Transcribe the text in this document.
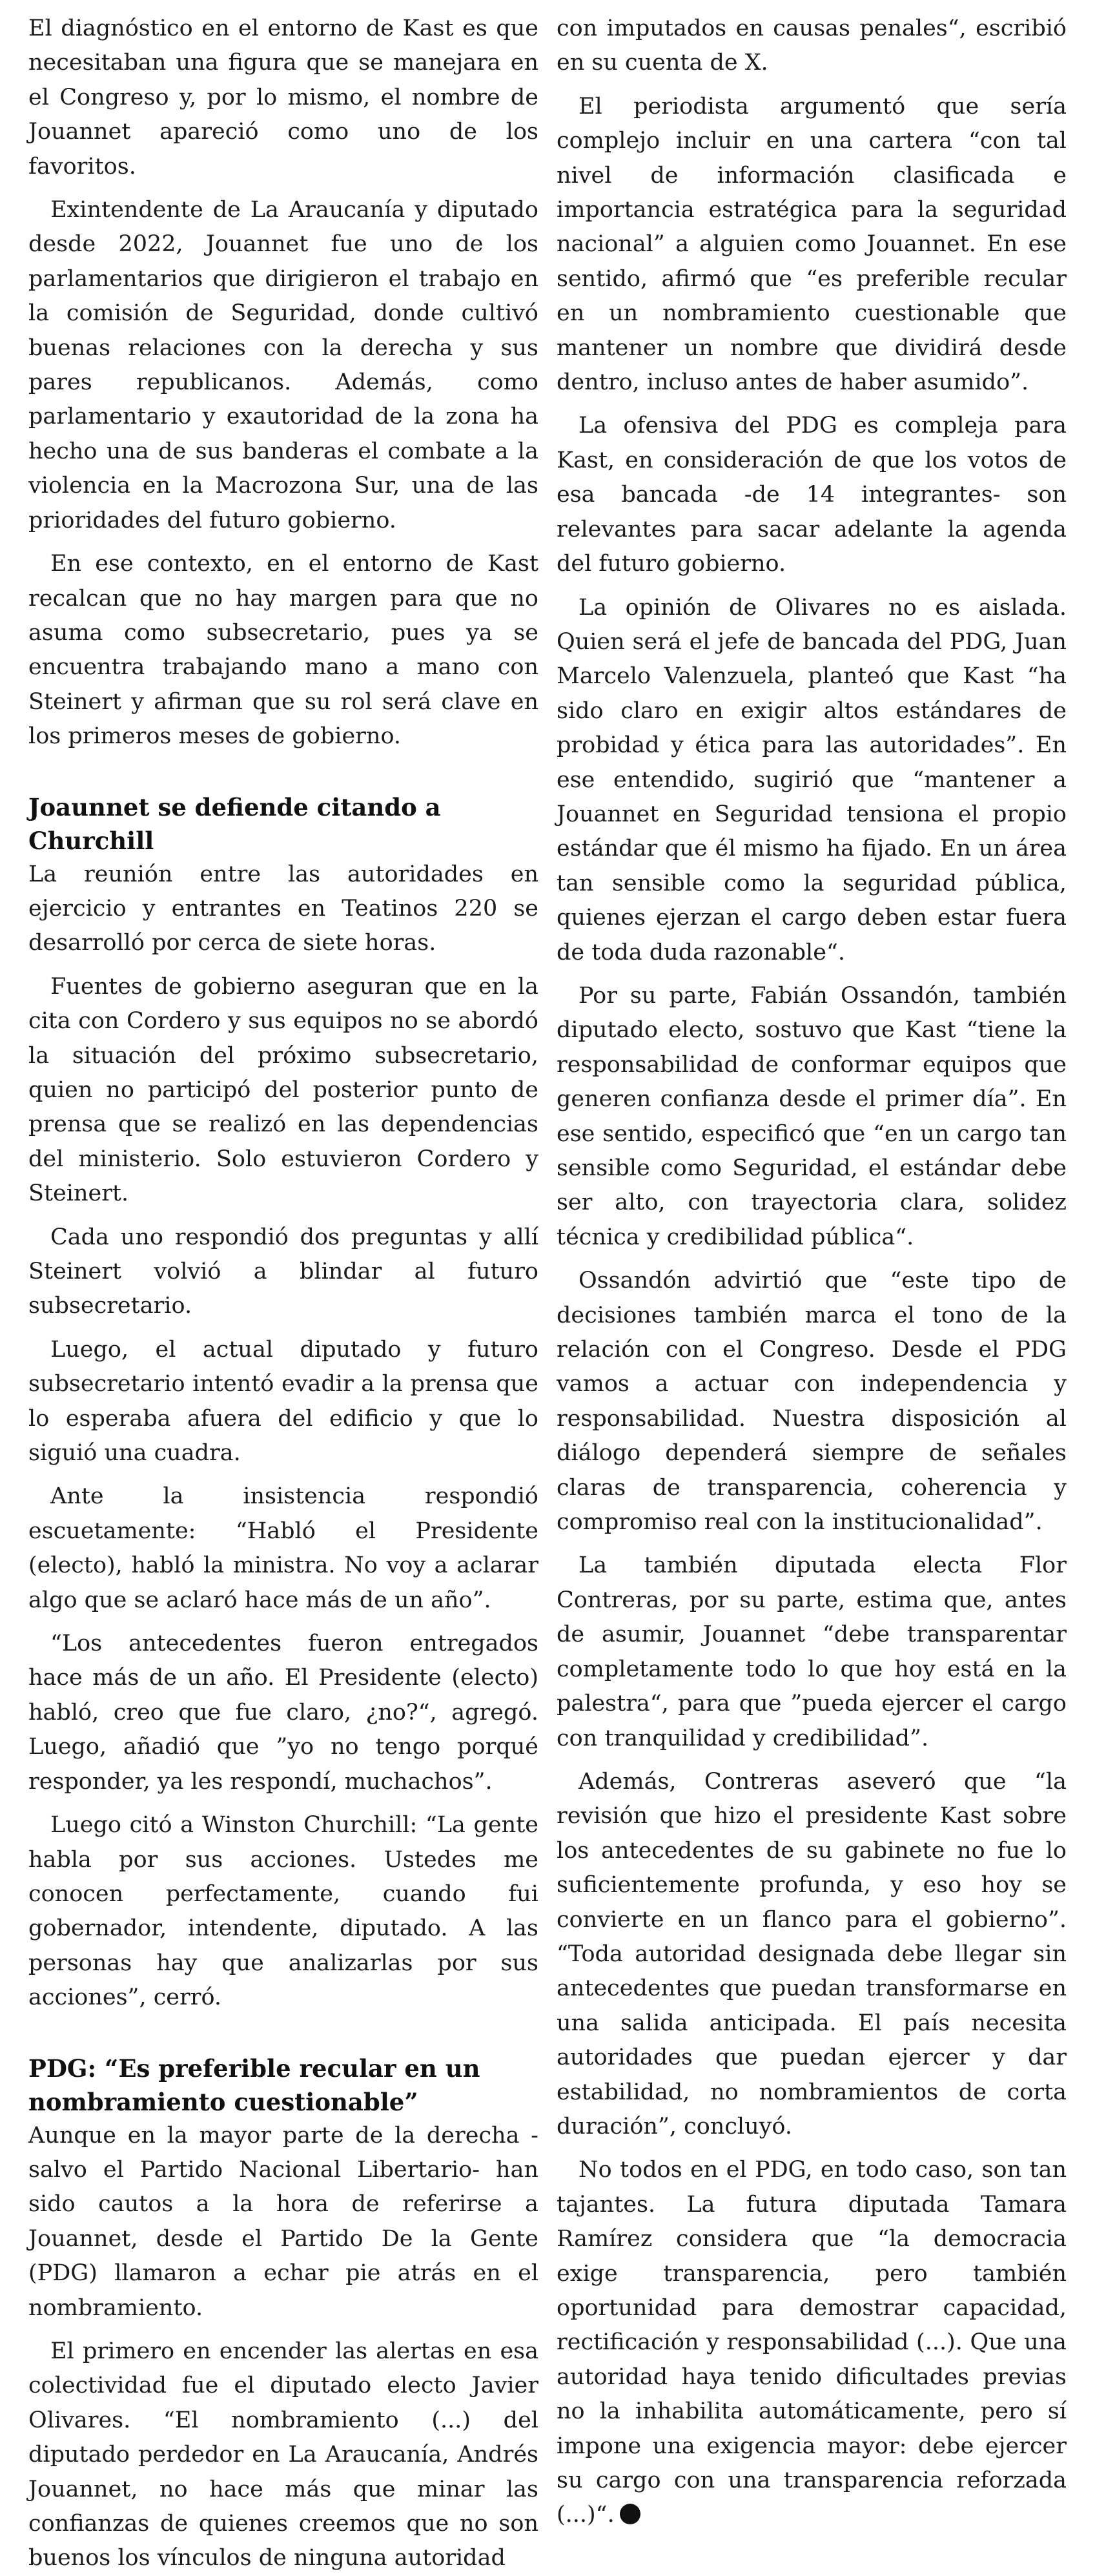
El diagnóstico en el entorno de Kast es que necesitaban una figura que se manejara en el Congreso y, por lo mismo, el nombre de Jouannet apareció como uno de los favoritos.

Exintendente de La Araucanía y diputado desde 2022, Jouannet fue uno de los parlamentarios que dirigieron el trabajo en la comisión de Seguridad, donde cultivó buenas relaciones con la derecha y sus pares republicanos. Además, como parlamentario y exautoridad de la zona ha hecho una de sus banderas el combate a la violencia en la Macrozona Sur, una de las prioridades del futuro gobierno.

En ese contexto, en el entorno de Kast recalcan que no hay margen para que no asuma como subsecretario, pues ya se encuentra trabajando mano a mano con Steinert y afirman que su rol será clave en los primeros meses de gobierno.

Joaunnet se defiende citando a Churchill

La reunión entre las autoridades en ejercicio y entrantes en Teatinos 220 se desarrolló por cerca de siete horas.

Fuentes de gobierno aseguran que en la cita con Cordero y sus equipos no se abordó la situación del próximo subsecretario, quien no participó del posterior punto de prensa que se realizó en las dependencias del ministerio. Solo estuvieron Cordero y Steinert.

Cada uno respondió dos preguntas y allí Steinert volvió a blindar al futuro subsecretario.

Luego, el actual diputado y futuro subsecretario intentó evadir a la prensa que lo esperaba afuera del edificio y que lo siguió una cuadra.

Ante la insistencia respondió escuetamente: “Habló el Presidente (electo), habló la ministra. No voy a aclarar algo que se aclaró hace más de un año”.

“Los antecedentes fueron entregados hace más de un año. El Presidente (electo) habló, creo que fue claro, ¿no?“, agregó. Luego, añadió que ”yo no tengo porqué responder, ya les respondí, muchachos”.

Luego citó a Winston Churchill: “La gente habla por sus acciones. Ustedes me conocen perfectamente, cuando fui gobernador, intendente, diputado. A las personas hay que analizarlas por sus acciones”, cerró.

PDG: “Es preferible recular en un nombramiento cuestionable”

Aunque en la mayor parte de la derecha -salvo el Partido Nacional Libertario- han sido cautos a la hora de referirse a Jouannet, desde el Partido De la Gente (PDG) llamaron a echar pie atrás en el nombramiento.

El primero en encender las alertas en esa colectividad fue el diputado electo Javier Olivares. “El nombramiento (...) del diputado perdedor en La Araucanía, Andrés Jouannet, no hace más que minar las confianzas de quienes creemos que no son buenos los vínculos de ninguna autoridad

con imputados en causas penales“, escribió en su cuenta de X.

El periodista argumentó que sería complejo incluir en una cartera “con tal nivel de información clasificada e importancia estratégica para la seguridad nacional” a alguien como Jouannet. En ese sentido, afirmó que “es preferible recular en un nombramiento cuestionable que mantener un nombre que dividirá desde dentro, incluso antes de haber asumido”.

La ofensiva del PDG es compleja para Kast, en consideración de que los votos de esa bancada -de 14 integrantes- son relevantes para sacar adelante la agenda del futuro gobierno.

La opinión de Olivares no es aislada. Quien será el jefe de bancada del PDG, Juan Marcelo Valenzuela, planteó que Kast “ha sido claro en exigir altos estándares de probidad y ética para las autoridades”. En ese entendido, sugirió que “mantener a Jouannet en Seguridad tensiona el propio estándar que él mismo ha fijado. En un área tan sensible como la seguridad pública, quienes ejerzan el cargo deben estar fuera de toda duda razonable“.

Por su parte, Fabián Ossandón, también diputado electo, sostuvo que Kast “tiene la responsabilidad de conformar equipos que generen confianza desde el primer día”. En ese sentido, especificó que “en un cargo tan sensible como Seguridad, el estándar debe ser alto, con trayectoria clara, solidez técnica y credibilidad pública“.

Ossandón advirtió que “este tipo de decisiones también marca el tono de la relación con el Congreso. Desde el PDG vamos a actuar con independencia y responsabilidad. Nuestra disposición al diálogo dependerá siempre de señales claras de transparencia, coherencia y compromiso real con la institucionalidad”.

La también diputada electa Flor Contreras, por su parte, estima que, antes de asumir, Jouannet “debe transparentar completamente todo lo que hoy está en la palestra“, para que ”pueda ejercer el cargo con tranquilidad y credibilidad”.

Además, Contreras aseveró que “la revisión que hizo el presidente Kast sobre los antecedentes de su gabinete no fue lo suficientemente profunda, y eso hoy se convierte en un flanco para el gobierno”. “Toda autoridad designada debe llegar sin antecedentes que puedan transformarse en una salida anticipada. El país necesita autoridades que puedan ejercer y dar estabilidad, no nombramientos de corta duración”, concluyó.

No todos en el PDG, en todo caso, son tan tajantes. La futura diputada Tamara Ramírez considera que “la democracia exige transparencia, pero también oportunidad para demostrar capacidad, rectificación y responsabilidad (...). Que una autoridad haya tenido dificultades previas no la inhabilita automáticamente, pero sí impone una exigencia mayor: debe ejercer su cargo con una transparencia reforzada (...)“.
